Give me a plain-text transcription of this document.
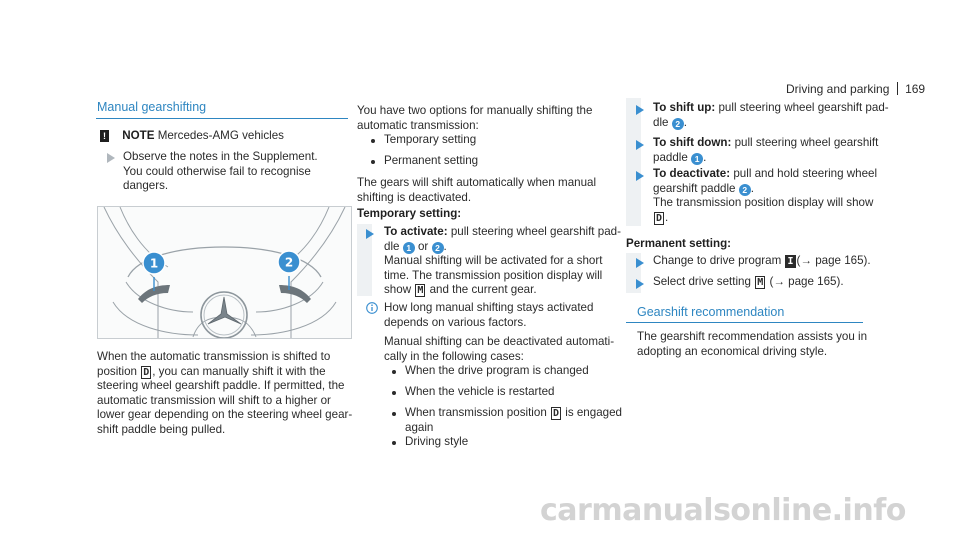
Driving and parking 169
Manual gearshifting
! NOTE Mercedes-AMG vehicles

Observe the notes in the Supplement.

You could otherwise fail to recognise

dangers.

1	2

When the automatic transmission is shifted to

position D , you can manually shift it with the

steering wheel gearshift paddle. If permitted, the

automatic transmission will shift to a higher or

lower gear depending on the steering wheel gear-

shift paddle being pulled.

You have two options for manually shifting the

automatic transmission:

Temporary setting
Permanent setting

The gears will shift automatically when manual

shifting is deactivated.

Temporary setting:

To activate: pull steering wheel gearshift pad-

dle 1 or 2 .

Manual shifting will be activated for a short

time. The transmission position display will

show M and the current gear.

How long manual shifting stays activated

depends on various factors.

Manual shifting can be deactivated automati-

cally in the following cases:

When the drive program is changed
When the vehicle is restarted

When transmission position D is engaged

again

Driving style

To shift up: pull steering wheel gearshift pad-

dle 2 .

To shift down: pull steering wheel gearshift

paddle 1 .

To deactivate: pull and hold steering wheel

gearshift paddle 2 .

The transmission position display will show

D .

Permanent setting:
Change to drive program I (→ page 165).
Select drive setting M (→ page 165).
Gearshift recommendation

The gearshift recommendation assists you in

adopting an economical driving style.

carmanualsonline.info
